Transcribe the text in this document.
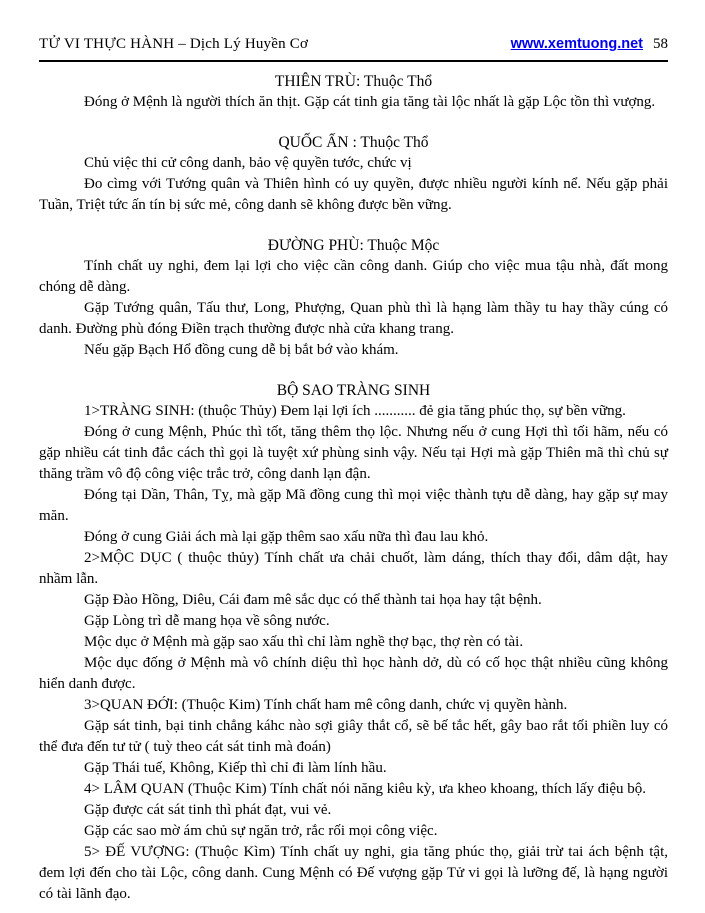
TỬ VI THỰC HÀNH – Dịch Lý Huyền Cơ	www.xemtuong.net 58
THIÊN TRÙ: Thuộc Thổ

Đóng ở Mệnh là người thích ăn thịt. Gặp cát tinh gia tăng tài lộc nhất là gặp Lộc tồn thì vượng.

QUỐC ẤN : Thuộc Thổ

Chủ việc thi cử công danh, bảo vệ quyền tước, chức vị

Đo cìmg với Tướng quân và Thiên hình có uy quyền, được nhiều người kính nể. Nếu gặp phải Tuần, Triệt tức ấn tín bị sức mẻ, công danh sẽ không được bền vững.

ĐƯỜNG PHÙ: Thuộc Mộc

Tính chất uy nghi, đem lại lợi cho việc cần công danh. Giúp cho việc mua tậu nhà, đất mong chóng dễ dàng.

Gặp Tướng quân, Tấu thư, Long, Phượng, Quan phù thì là hạng làm thầy tu hay thầy cúng có danh. Đường phù đóng Điền trạch thường được nhà cửa khang trang.

Nếu gặp Bạch Hổ đồng cung dễ bị bắt bớ vào khám.

BỘ SAO TRÀNG SINH

1>TRÀNG SINH: (thuộc Thủy) Đem lại lợi ích ........... đẻ gia tăng phúc thọ, sự bền vững.

Đóng ở cung Mệnh, Phúc thì tốt, tăng thêm thọ lộc. Nhưng nếu ở cung Hợi thì tối hãm, nếu có gặp nhiều cát tinh đắc cách thì gọi là tuyệt xứ phùng sinh vậy. Nếu tại Hợi mà gặp Thiên mã thì chủ sự thăng trầm vô độ công việc trắc trở, công danh lạn đận.

Đóng tại Dần, Thân, Tỵ, mà gặp Mã đồng cung thì mọi việc thành tựu dễ dàng, hay gặp sự may măn.

Đóng ở cung Giải ách mà lại gặp thêm sao xấu nữa thì đau lau khỏ.

2>MỘC DỤC ( thuộc thủy) Tính chất ưa chải chuốt, làm dáng, thích thay đổi, dâm dật, hay nhầm lẫn.

Gặp Đào Hồng, Diêu, Cái đam mê sắc dục có thể thành tai họa hay tật bệnh.

Gặp Lòng trì dễ mang họa về sông nước.

Mộc dục ở Mệnh mà gặp sao xấu thì chỉ làm nghề thợ bạc, thợ rèn có tài.

Mộc dục đống ở Mệnh mà vô chính diệu thì học hành dở, dù có cố học thật nhiều cũng không hiển danh được.

3>QUAN ĐỚI: (Thuộc Kim) Tính chất ham mê công danh, chức vị quyền hành.

Gặp sát tinh, bại tinh chẳng káhc nào sợi giây thắt cổ, sẽ bế tắc hết, gây bao rắt tối phiền luy có thể đưa đến tư tử ( tuỳ theo cát sát tinh mà đoán)

Gặp Thái tuế, Không, Kiếp thì chỉ đi làm lính hầu.

4> LÂM QUAN (Thuộc Kim) Tính chất nói năng kiêu kỳ, ưa kheo khoang, thích lấy điệu bộ.

Gặp được cát sát tinh thì phát đạt, vui vẻ.

Gặp các sao mờ ám chủ sự ngăn trở, rắc rối mọi công việc.

5> ĐẾ VƯỢNG: (Thuộc Kìm) Tính chất uy nghi, gia tăng phúc thọ, giải trừ tai ách bệnh tật, đem lợi đến cho tài Lộc, công danh. Cung Mệnh có Đế vượng gặp Tử vi gọi là lưỡng đế, là hạng người có tài lãnh đạo.
